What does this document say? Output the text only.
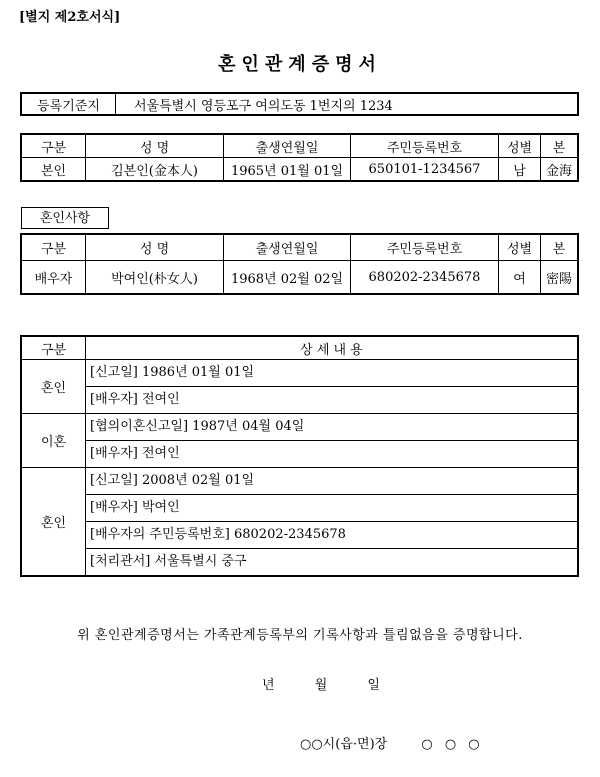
[별지 제2호서식]
혼인관계증명서
등록기준지	서울특별시 영등포구 여의도동 1번지의 1234
구분	성 명	출생연월일	주민등록번호	성별	본
본인	김본인(金本人)	1965년 01월 01일	650101-1234567	남	金海
혼인사항
구분	성 명	출생연월일	주민등록번호	성별	본
배우자	박여인(朴女人)	1968년 02월 02일	680202-2345678	여	密陽
구분	상 세 내 용
혼인	[신고일] 1986년 01월 01일
[배우자] 전여인

이혼	[협의이혼신고일] 1987년 04월 04일
[배우자] 전여인

혼인	[신고일] 2008년 02월 01일
[배우자] 박여인
[배우자의 주민등록번호] 680202-2345678
[처리관서] 서울특별시 중구
위 혼인관계증명서는 가족관계등록부의 기록사항과 틀림없음을 증명합니다.
년	월	일
○○시(읍·면)장	○ ○ ○
